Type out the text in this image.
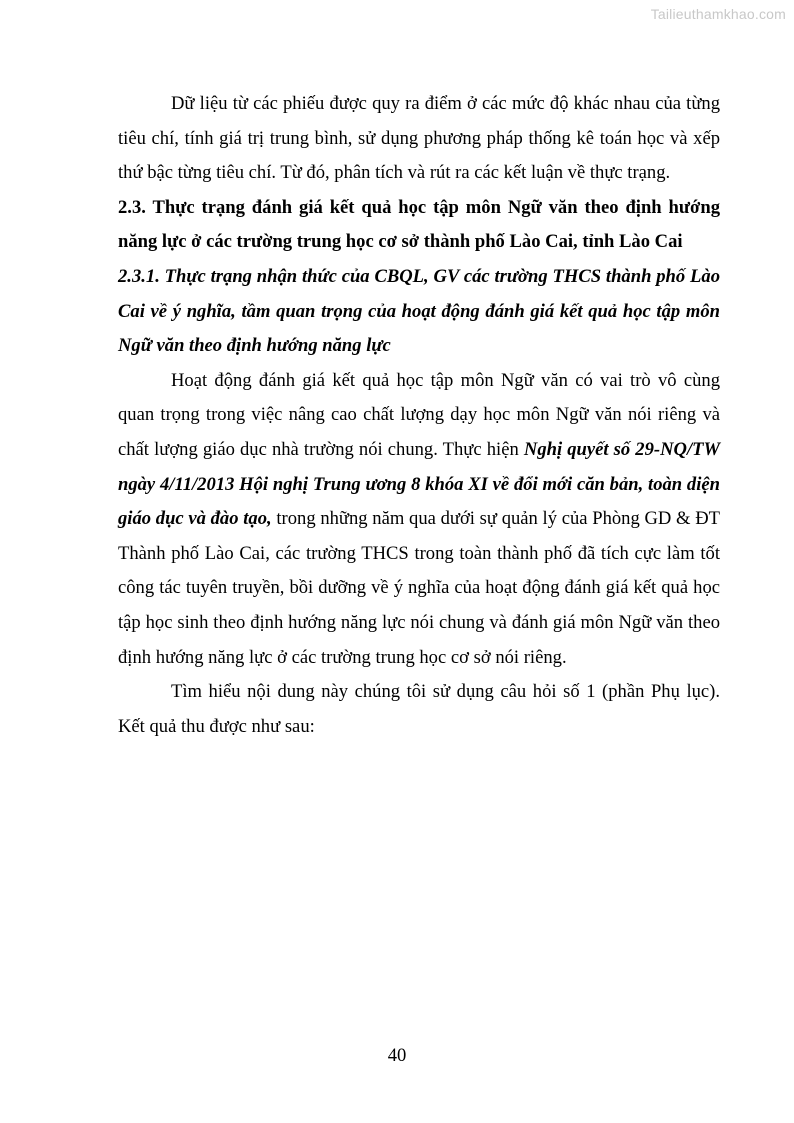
Tailieuthamkhao.com

Dữ liệu từ các phiếu được quy ra điểm ở các mức độ khác nhau của từng tiêu chí, tính giá trị trung bình, sử dụng phương pháp thống kê toán học và xếp thứ bậc từng tiêu chí. Từ đó, phân tích và rút ra các kết luận về thực trạng.

2.3. Thực trạng đánh giá kết quả học tập môn Ngữ văn theo định hướng năng lực ở các trường trung học cơ sở thành phố Lào Cai, tỉnh Lào Cai

2.3.1. Thực trạng nhận thức của CBQL, GV các trường THCS thành phố Lào Cai về ý nghĩa, tầm quan trọng của hoạt động đánh giá kết quả học tập môn Ngữ văn theo định hướng năng lực

Hoạt động đánh giá kết quả học tập môn Ngữ văn có vai trò vô cùng quan trọng trong việc nâng cao chất lượng dạy học môn Ngữ văn nói riêng và chất lượng giáo dục nhà trường nói chung. Thực hiện Nghị quyết số 29-NQ/TW ngày 4/11/2013 Hội nghị Trung ương 8 khóa XI về đổi mới căn bản, toàn diện giáo dục và đào tạo, trong những năm qua dưới sự quản lý của Phòng GD & ĐT Thành phố Lào Cai, các trường THCS trong toàn thành phố đã tích cực làm tốt công tác tuyên truyền, bồi dưỡng về ý nghĩa của hoạt động đánh giá kết quả học tập học sinh theo định hướng năng lực nói chung và đánh giá môn Ngữ văn theo định hướng năng lực ở các trường trung học cơ sở nói riêng.

Tìm hiểu nội dung này chúng tôi sử dụng câu hỏi số 1 (phần Phụ lục). Kết quả thu được như sau:

40
